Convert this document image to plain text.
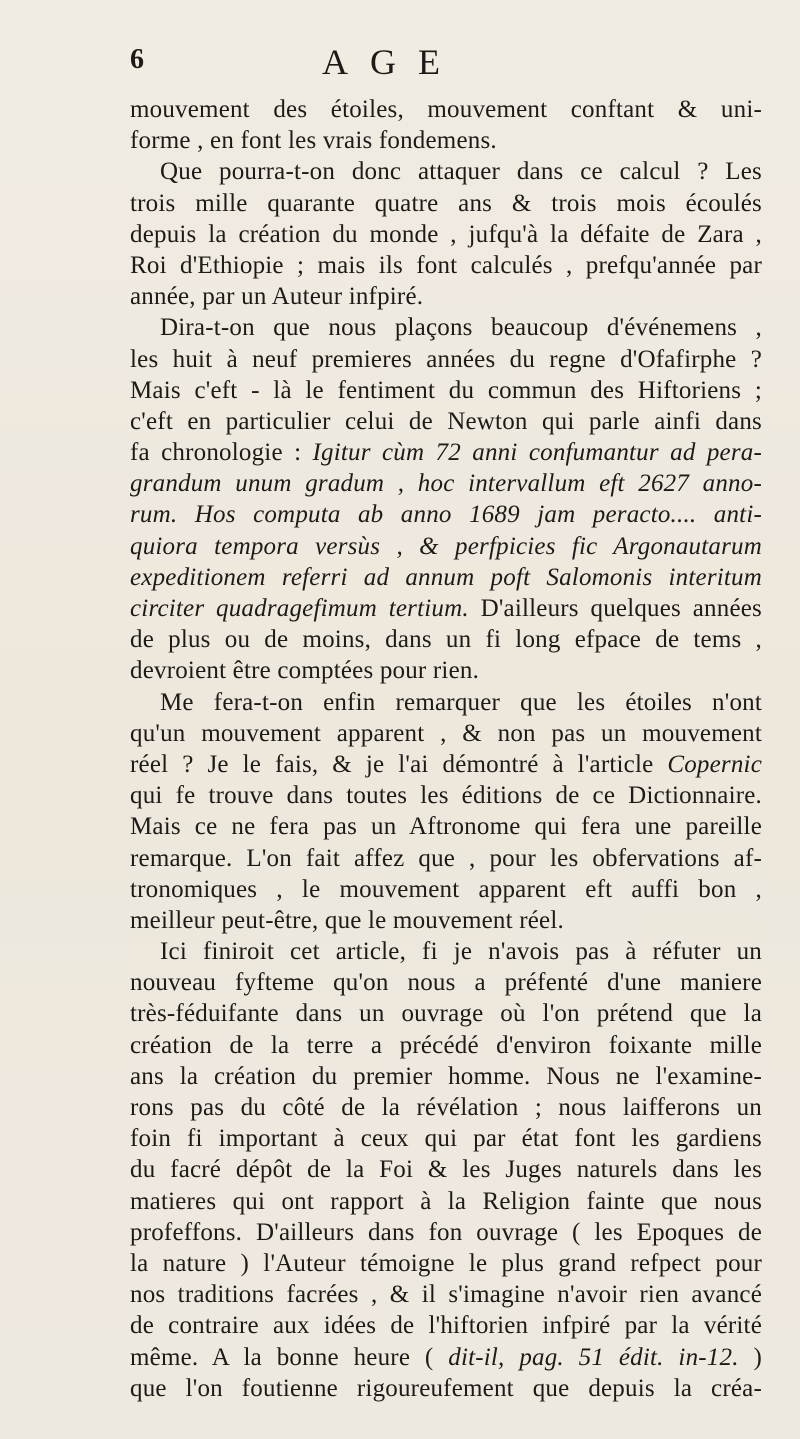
6	AGE
mouvement des étoiles, mouvement conftant & uni-
forme , en font les vrais fondemens.
Que pourra-t-on donc attaquer dans ce calcul ? Les
trois mille quarante quatre ans & trois mois écoulés
depuis la création du monde , jufqu'à la défaite de Zara ,
Roi d'Ethiopie ; mais ils font calculés , prefqu'année par
année, par un Auteur infpiré.
Dira-t-on que nous plaçons beaucoup d'événemens ,
les huit à neuf premieres années du regne d'Ofafirphe ?
Mais c'eft - là le fentiment du commun des Hiftoriens ;
c'eft en particulier celui de Newton qui parle ainfi dans
fa chronologie : Igitur cùm 72 anni confumantur ad pera-
grandum unum gradum , hoc intervallum eft 2627 anno-
rum. Hos computa ab anno 1689 jam peracto.... anti-
quiora tempora versùs , & perfpicies fic Argonautarum
expeditionem referri ad annum poft Salomonis interitum
circiter quadragefimum tertium. D'ailleurs quelques années
de plus ou de moins, dans un fi long efpace de tems ,
devroient être comptées pour rien.
Me fera-t-on enfin remarquer que les étoiles n'ont
qu'un mouvement apparent , & non pas un mouvement
réel ? Je le fais, & je l'ai démontré à l'article Copernic
qui fe trouve dans toutes les éditions de ce Dictionnaire.
Mais ce ne fera pas un Aftronome qui fera une pareille
remarque. L'on fait affez que , pour les obfervations af-
tronomiques , le mouvement apparent eft auffi bon ,
meilleur peut-être, que le mouvement réel.
Ici finiroit cet article, fi je n'avois pas à réfuter un
nouveau fyfteme qu'on nous a préfenté d'une maniere
très-féduifante dans un ouvrage où l'on prétend que la
création de la terre a précédé d'environ foixante mille
ans la création du premier homme. Nous ne l'examine-
rons pas du côté de la révélation ; nous laifferons un
foin fi important à ceux qui par état font les gardiens
du facré dépôt de la Foi & les Juges naturels dans les
matieres qui ont rapport à la Religion fainte que nous
profeffons. D'ailleurs dans fon ouvrage ( les Epoques de
la nature ) l'Auteur témoigne le plus grand refpect pour
nos traditions facrées , & il s'imagine n'avoir rien avancé
de contraire aux idées de l'hiftorien infpiré par la vérité
même. A la bonne heure ( dit-il, pag. 51 édit. in-12. )
que l'on foutienne rigoureufement que depuis la créa-
